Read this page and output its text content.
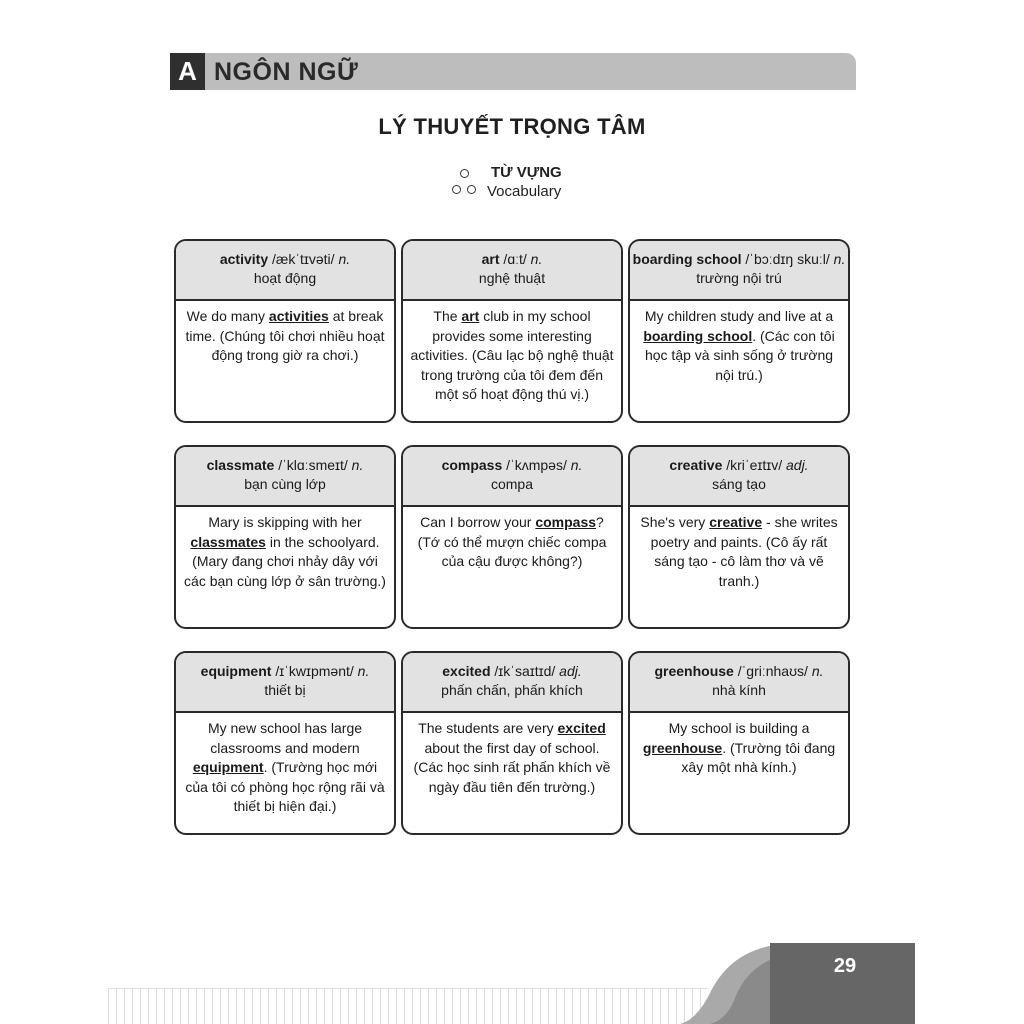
A NGÔN NGỮ
LÝ THUYẾT TRỌNG TÂM
TỪ VỰNG
Vocabulary
activity /ækˈtɪvəti/ n.
hoạt động
We do many activities at break time. (Chúng tôi chơi nhiều hoạt động trong giờ ra chơi.)
art /ɑːt/ n.
nghệ thuật
The art club in my school provides some interesting activities. (Câu lạc bộ nghệ thuật trong trường của tôi đem đến một số hoạt động thú vị.)
boarding school /ˈbɔːdɪŋ skuːl/ n.
trường nội trú
My children study and live at a boarding school. (Các con tôi học tập và sinh sống ở trường nội trú.)
classmate /ˈklɑːsmeɪt/ n.
bạn cùng lớp
Mary is skipping with her classmates in the schoolyard. (Mary đang chơi nhảy dây với các bạn cùng lớp ở sân trường.)
compass /ˈkʌmpəs/ n.
compa
Can I borrow your compass? (Tớ có thể mượn chiếc compa của cậu được không?)
creative /kriˈeɪtɪv/ adj.
sáng tạo
She's very creative - she writes poetry and paints. (Cô ấy rất sáng tạo - cô làm thơ và vẽ tranh.)
equipment /ɪˈkwɪpmənt/ n.
thiết bị
My new school has large classrooms and modern equipment. (Trường học mới của tôi có phòng học rộng rãi và thiết bị hiện đại.)
excited /ɪkˈsaɪtɪd/ adj.
phấn chấn, phấn khích
The students are very excited about the first day of school. (Các học sinh rất phấn khích về ngày đầu tiên đến trường.)
greenhouse /ˈɡriːnhaʊs/ n.
nhà kính
My school is building a greenhouse. (Trường tôi đang xây một nhà kính.)
29
